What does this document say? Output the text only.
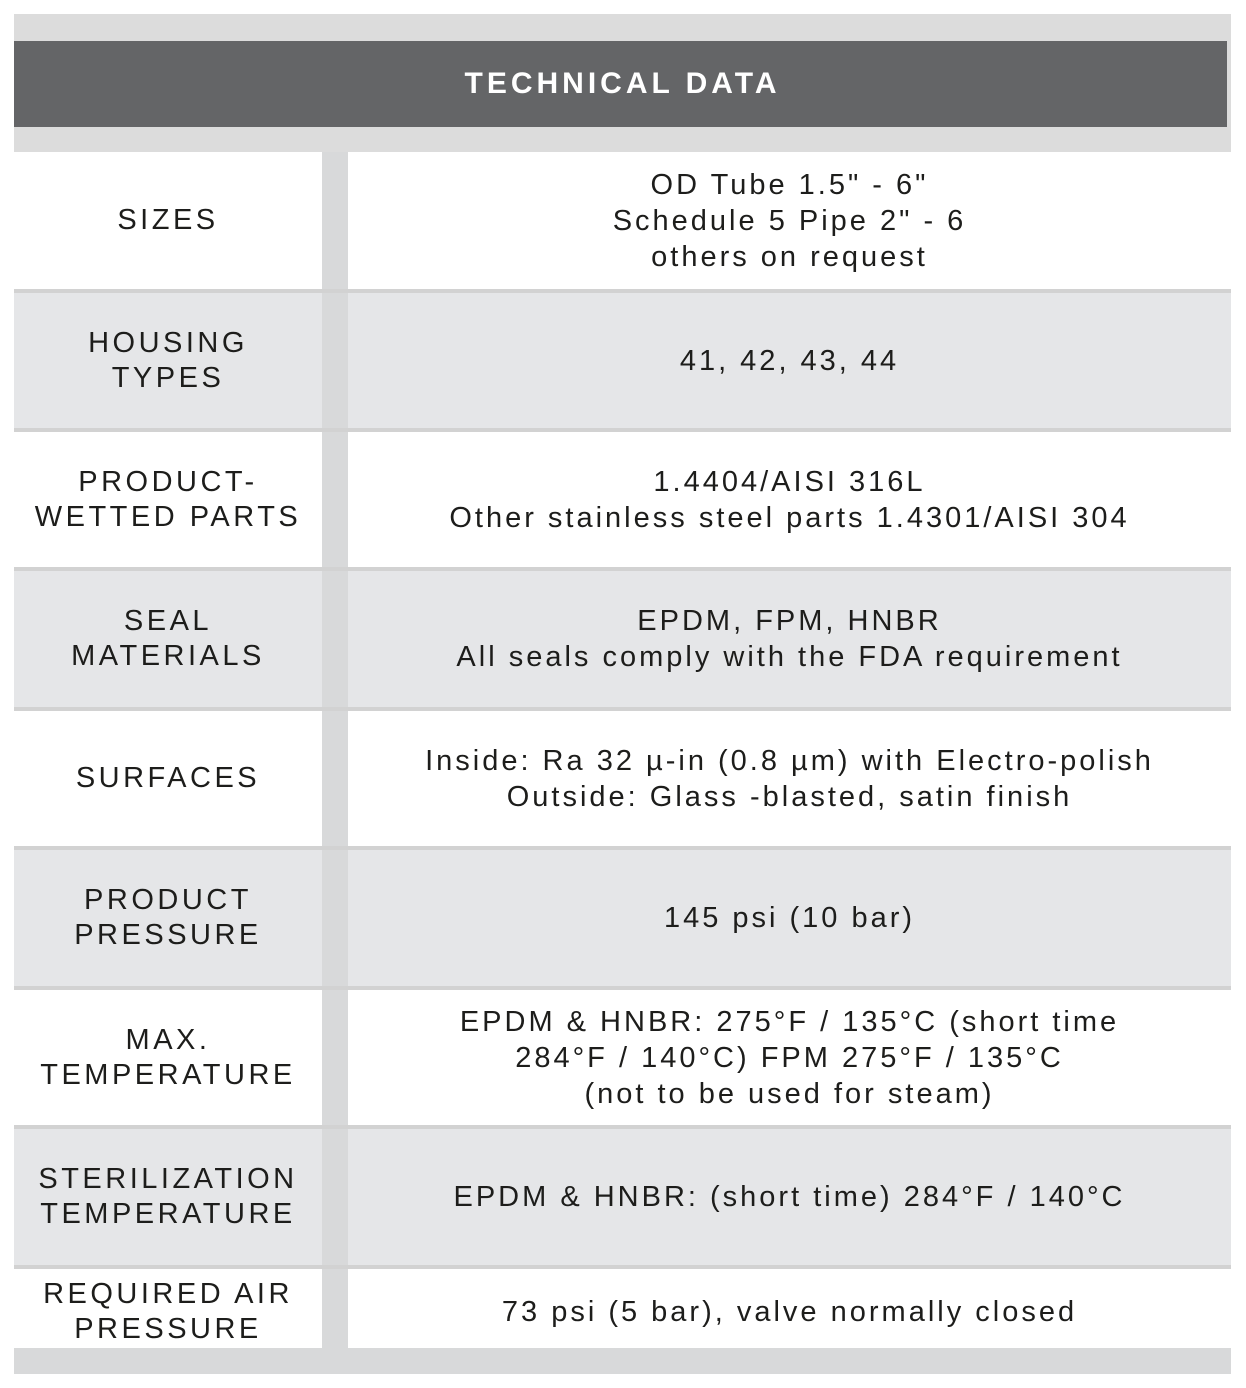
TECHNICAL DATA
SIZES
OD Tube 1.5" - 6"
Schedule 5 Pipe 2" - 6
others on request
HOUSING
TYPES
41, 42, 43, 44
PRODUCT-
WETTED PARTS
1.4404/AISI 316L
Other stainless steel parts 1.4301/AISI 304
SEAL
MATERIALS
EPDM, FPM, HNBR
All seals comply with the FDA requirement
SURFACES
Inside: Ra 32 µ-in (0.8 µm) with Electro-polish
Outside: Glass -blasted, satin finish
PRODUCT
PRESSURE
145 psi (10 bar)
MAX.
TEMPERATURE
EPDM & HNBR: 275°F / 135°C (short time
284°F / 140°C) FPM 275°F / 135°C
(not to be used for steam)
STERILIZATION
TEMPERATURE
EPDM & HNBR: (short time) 284°F / 140°C
REQUIRED AIR
PRESSURE
73 psi (5 bar), valve normally closed
